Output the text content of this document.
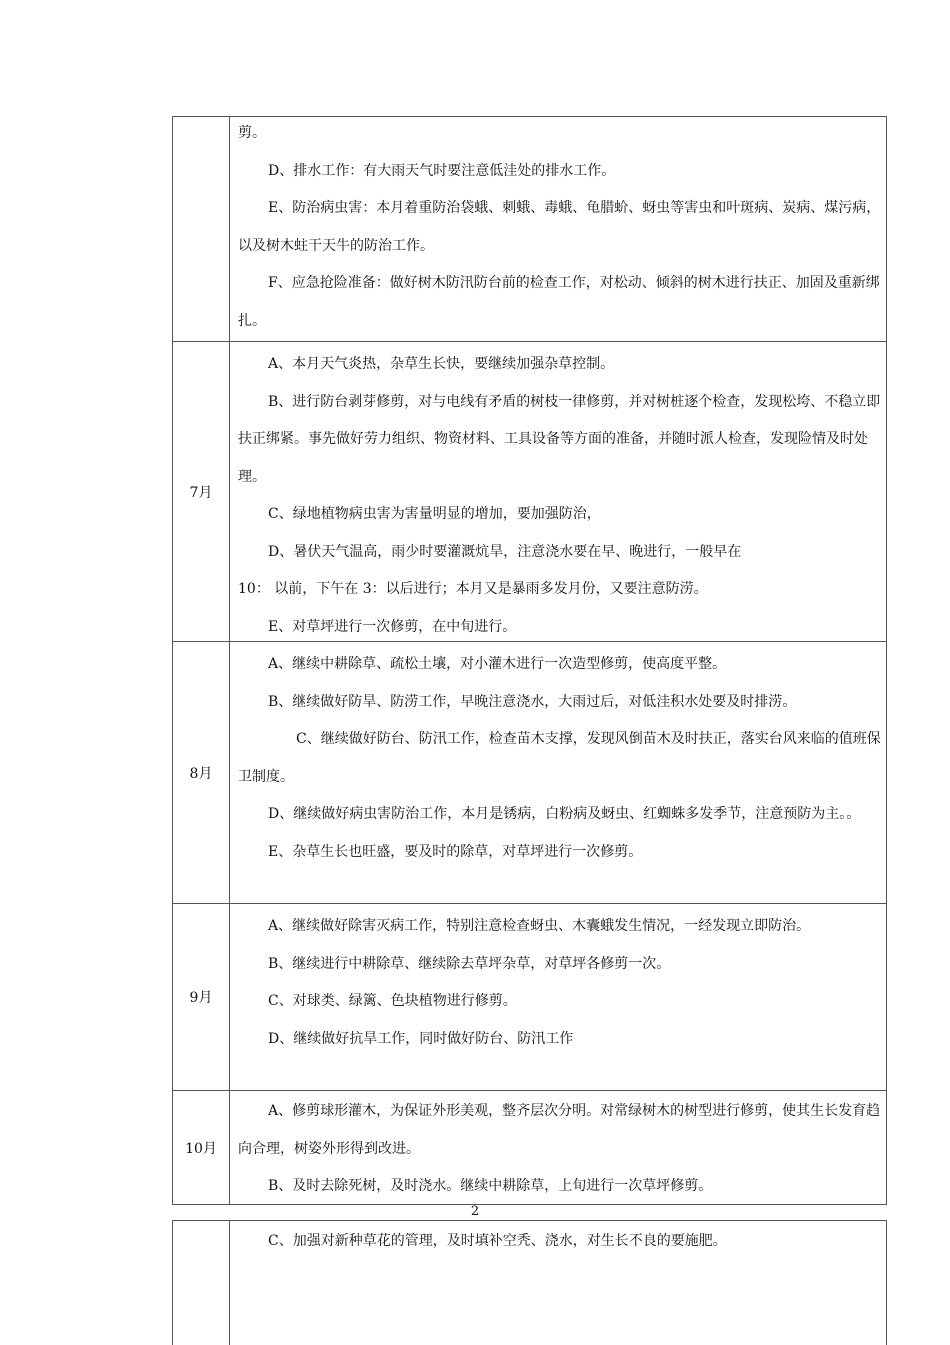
剪。

D、排水工作：有大雨天气时要注意低洼处的排水工作。

E、防治病虫害：本月着重防治袋蛾、刺蛾、毒蛾、龟腊蚧、蚜虫等害虫和叶斑病、炭病、煤污病，以及树木蛀干天牛的防治工作。

F、应急抢险准备：做好树木防汛防台前的检查工作，对松动、倾斜的树木进行扶正、加固及重新绑扎。

7月

A、本月天气炎热，杂草生长快，要继续加强杂草控制。

B、进行防台剥芽修剪，对与电线有矛盾的树枝一律修剪，并对树桩逐个检查，发现松垮、不稳立即扶正绑紧。事先做好劳力组织、物资材料、工具设备等方面的准备，并随时派人检查，发现险情及时处理。

C、绿地植物病虫害为害量明显的增加，要加强防治，

D、暑伏天气温高，雨少时要灌溉炕旱，注意浇水要在早、晚进行，一般早在

10： 以前，下午在 3：以后进行；本月又是暴雨多发月份，又要注意防涝。

E、对草坪进行一次修剪，在中旬进行。

8月

A、继续中耕除草、疏松土壤，对小灌木进行一次造型修剪，使高度平整。

B、继续做好防旱、防涝工作，早晚注意浇水，大雨过后，对低洼积水处要及时排涝。

C、继续做好防台、防汛工作，检查苗木支撑，发现风倒苗木及时扶正，落实台风来临的值班保卫制度。

D、继续做好病虫害防治工作，本月是锈病，白粉病及蚜虫、红蜘蛛多发季节，注意预防为主。。

E、杂草生长也旺盛，要及时的除草，对草坪进行一次修剪。

9月

A、继续做好除害灭病工作，特别注意检查蚜虫、木囊蛾发生情况，一经发现立即防治。

B、继续进行中耕除草、继续除去草坪杂草，对草坪各修剪一次。

C、对球类、绿篱、色块植物进行修剪。

D、继续做好抗旱工作，同时做好防台、防汛工作

10月

A、修剪球形灌木，为保证外形美观，整齐层次分明。对常绿树木的树型进行修剪，使其生长发育趋向合理，树姿外形得到改进。

B、及时去除死树，及时浇水。继续中耕除草，上旬进行一次草坪修剪。

2

C、加强对新种草花的管理，及时填补空秃、浇水，对生长不良的要施肥。
